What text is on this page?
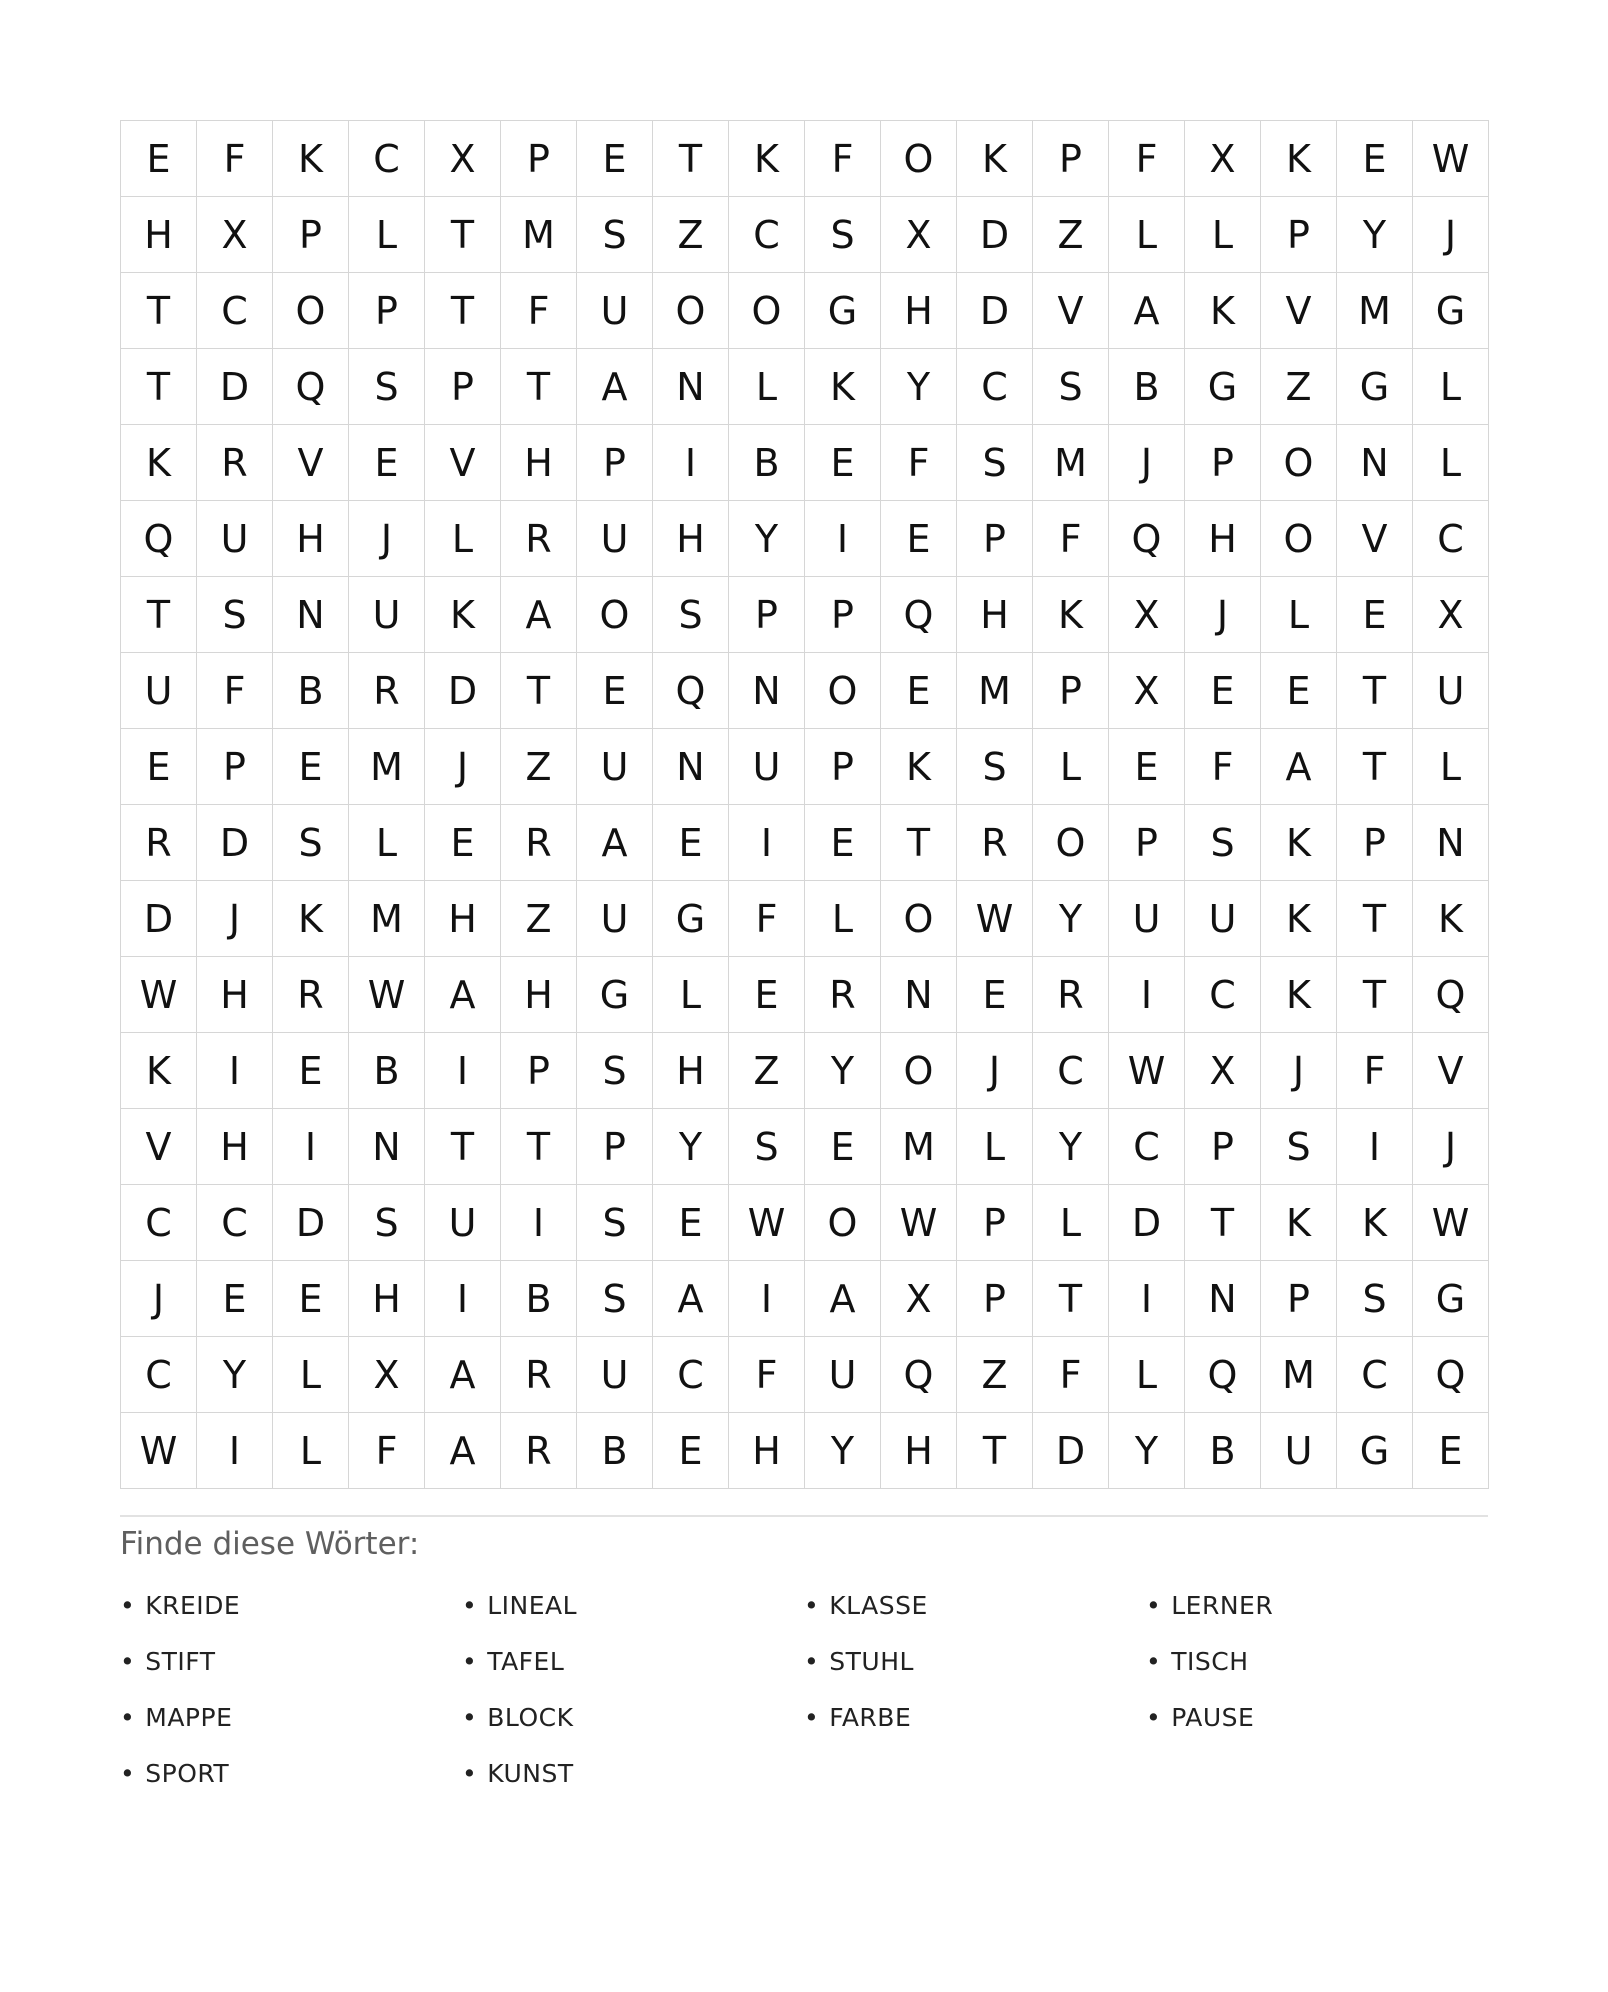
E	F	K	C	X	P	E	T	K	F	O	K	P	F	X	K	E	W
H	X	P	L	T	M	S	Z	C	S	X	D	Z	L	L	P	Y	J
T	C	O	P	T	F	U	O	O	G	H	D	V	A	K	V	M	G
T	D	Q	S	P	T	A	N	L	K	Y	C	S	B	G	Z	G	L
K	R	V	E	V	H	P	I	B	E	F	S	M	J	P	O	N	L
Q	U	H	J	L	R	U	H	Y	I	E	P	F	Q	H	O	V	C
T	S	N	U	K	A	O	S	P	P	Q	H	K	X	J	L	E	X
U	F	B	R	D	T	E	Q	N	O	E	M	P	X	E	E	T	U
E	P	E	M	J	Z	U	N	U	P	K	S	L	E	F	A	T	L
R	D	S	L	E	R	A	E	I	E	T	R	O	P	S	K	P	N
D	J	K	M	H	Z	U	G	F	L	O	W	Y	U	U	K	T	K
W	H	R	W	A	H	G	L	E	R	N	E	R	I	C	K	T	Q
K	I	E	B	I	P	S	H	Z	Y	O	J	C	W	X	J	F	V
V	H	I	N	T	T	P	Y	S	E	M	L	Y	C	P	S	I	J
C	C	D	S	U	I	S	E	W	O	W	P	L	D	T	K	K	W
J	E	E	H	I	B	S	A	I	A	X	P	T	I	N	P	S	G
C	Y	L	X	A	R	U	C	F	U	Q	Z	F	L	Q	M	C	Q
W	I	L	F	A	R	B	E	H	Y	H	T	D	Y	B	U	G	E
Finde diese Wörter:
• KREIDE	• LINEAL	• KLASSE	• LERNER
• STIFT	• TAFEL	• STUHL	• TISCH
• MAPPE	• BLOCK	• FARBE	• PAUSE
• SPORT	• KUNST
